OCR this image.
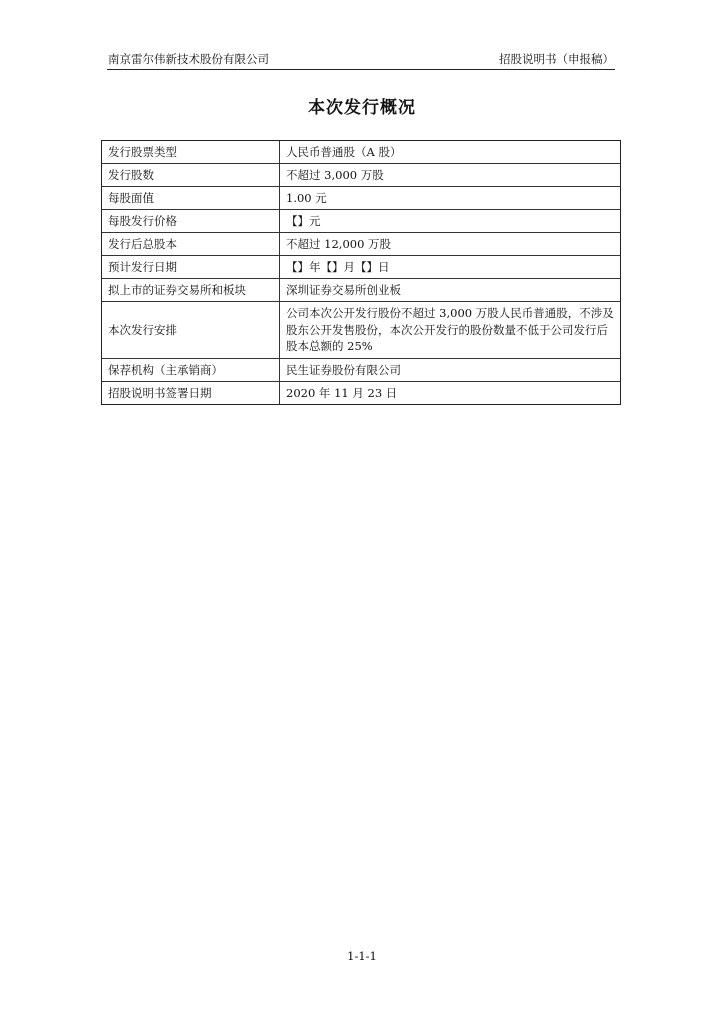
南京雷尔伟新技术股份有限公司	招股说明书（申报稿）
本次发行概况
发行股票类型	人民币普通股（A 股）
发行股数	不超过 3,000 万股
每股面值	1.00 元
每股发行价格	【】元
发行后总股本	不超过 12,000 万股
预计发行日期	【】年【】月【】日
拟上市的证券交易所和板块	深圳证券交易所创业板
本次发行安排	公司本次公开发行股份不超过 3,000 万股人民币普通股，不涉及股东公开发售股份，本次公开发行的股份数量不低于公司发行后股本总额的 25%
保荐机构（主承销商）	民生证券股份有限公司
招股说明书签署日期	2020 年 11 月 23 日
1-1-1
